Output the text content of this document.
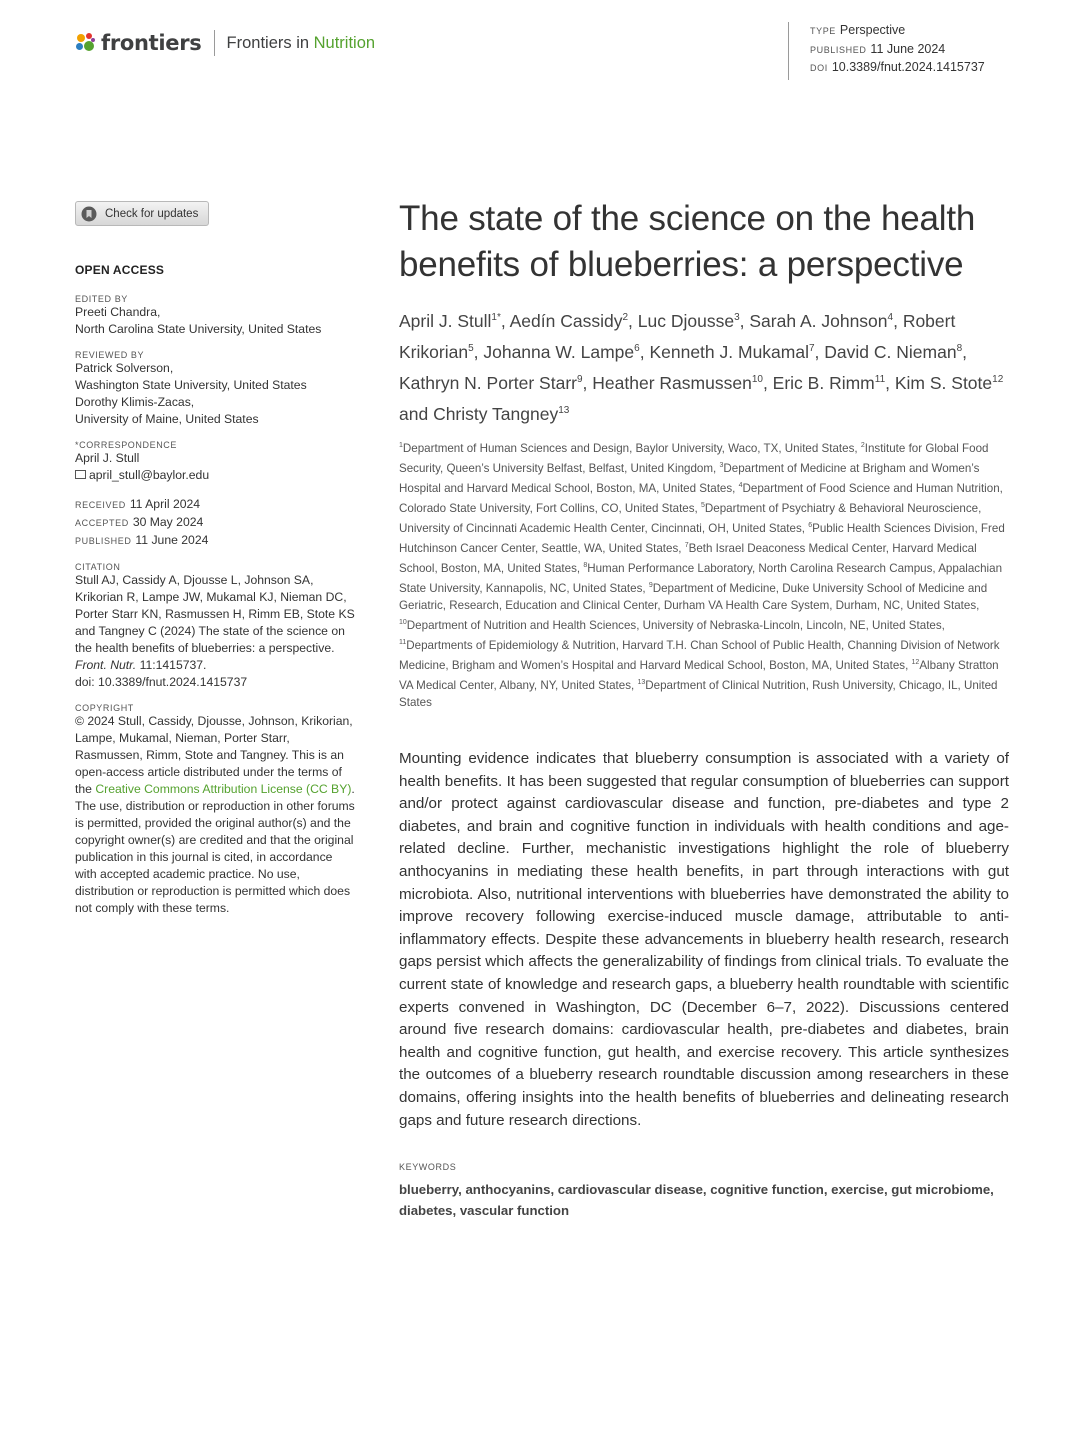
frontiers Frontiers in Nutrition
TYPE Perspective
PUBLISHED 11 June 2024
DOI 10.3389/fnut.2024.1415737
Check for updates
OPEN ACCESS
EDITED BY
Preeti Chandra,
North Carolina State University, United States
REVIEWED BY
Patrick Solverson,
Washington State University, United States
Dorothy Klimis-Zacas,
University of Maine, United States
*CORRESPONDENCE
April J. Stull
april_stull@baylor.edu
RECEIVED 11 April 2024
ACCEPTED 30 May 2024
PUBLISHED 11 June 2024
CITATION
Stull AJ, Cassidy A, Djousse L, Johnson SA, Krikorian R, Lampe JW, Mukamal KJ, Nieman DC, Porter Starr KN, Rasmussen H, Rimm EB, Stote KS and Tangney C (2024) The state of the science on the health benefits of blueberries: a perspective.
Front. Nutr. 11:1415737.
doi: 10.3389/fnut.2024.1415737
COPYRIGHT
© 2024 Stull, Cassidy, Djousse, Johnson, Krikorian, Lampe, Mukamal, Nieman, Porter Starr, Rasmussen, Rimm, Stote and Tangney. This is an open-access article distributed under the terms of the Creative Commons Attribution License (CC BY). The use, distribution or reproduction in other forums is permitted, provided the original author(s) and the copyright owner(s) are credited and that the original publication in this journal is cited, in accordance with accepted academic practice. No use, distribution or reproduction is permitted which does not comply with these terms.
The state of the science on the health benefits of blueberries: a perspective
April J. Stull$^{1*}$, Aedín Cassidy$^2$, Luc Djousse$^3$, Sarah A. Johnson$^4$, Robert Krikorian$^5$, Johanna W. Lampe$^6$, Kenneth J. Mukamal$^7$, David C. Nieman$^8$, Kathryn N. Porter Starr$^9$, Heather Rasmussen$^{10}$, Eric B. Rimm$^{11}$, Kim S. Stote$^{12}$ and Christy Tangney$^{13}$
$^1$Department of Human Sciences and Design, Baylor University, Waco, TX, United States, $^2$Institute for Global Food Security, Queen’s University Belfast, Belfast, United Kingdom, $^3$Department of Medicine at Brigham and Women’s Hospital and Harvard Medical School, Boston, MA, United States, $^4$Department of Food Science and Human Nutrition, Colorado State University, Fort Collins, CO, United States, $^5$Department of Psychiatry & Behavioral Neuroscience, University of Cincinnati Academic Health Center, Cincinnati, OH, United States, $^6$Public Health Sciences Division, Fred Hutchinson Cancer Center, Seattle, WA, United States, $^7$Beth Israel Deaconess Medical Center, Harvard Medical School, Boston, MA, United States, $^8$Human Performance Laboratory, North Carolina Research Campus, Appalachian State University, Kannapolis, NC, United States, $^9$Department of Medicine, Duke University School of Medicine and Geriatric, Research, Education and Clinical Center, Durham VA Health Care System, Durham, NC, United States, $^{10}$Department of Nutrition and Health Sciences, University of Nebraska-Lincoln, Lincoln, NE, United States, $^{11}$Departments of Epidemiology & Nutrition, Harvard T.H. Chan School of Public Health, Channing Division of Network Medicine, Brigham and Women’s Hospital and Harvard Medical School, Boston, MA, United States, $^{12}$Albany Stratton VA Medical Center, Albany, NY, United States, $^{13}$Department of Clinical Nutrition, Rush University, Chicago, IL, United States
Mounting evidence indicates that blueberry consumption is associated with a variety of health benefits. It has been suggested that regular consumption of blueberries can support and/or protect against cardiovascular disease and function, pre-diabetes and type 2 diabetes, and brain and cognitive function in individuals with health conditions and age-related decline. Further, mechanistic investigations highlight the role of blueberry anthocyanins in mediating these health benefits, in part through interactions with gut microbiota. Also, nutritional interventions with blueberries have demonstrated the ability to improve recovery following exercise-induced muscle damage, attributable to anti-inflammatory effects. Despite these advancements in blueberry health research, research gaps persist which affects the generalizability of findings from clinical trials. To evaluate the current state of knowledge and research gaps, a blueberry health roundtable with scientific experts convened in Washington, DC (December 6–7, 2022). Discussions centered around five research domains: cardiovascular health, pre-diabetes and diabetes, brain health and cognitive function, gut health, and exercise recovery. This article synthesizes the outcomes of a blueberry research roundtable discussion among researchers in these domains, offering insights into the health benefits of blueberries and delineating research gaps and future research directions.
KEYWORDS
blueberry, anthocyanins, cardiovascular disease, cognitive function, exercise, gut microbiome, diabetes, vascular function
